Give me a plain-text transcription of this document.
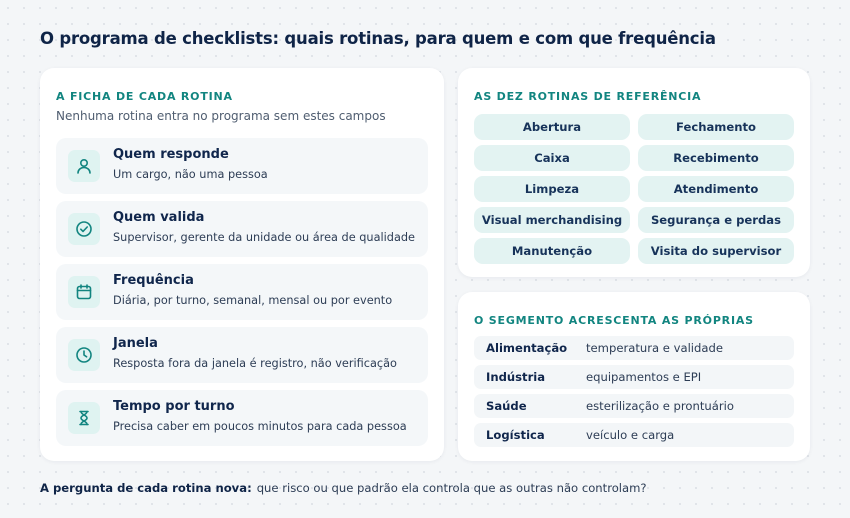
O programa de checklists: quais rotinas, para quem e com que frequência
A FICHA DE CADA ROTINA
Nenhuma rotina entra no programa sem estes campos
Quem responde
Um cargo, não uma pessoa
Quem valida
Supervisor, gerente da unidade ou área de qualidade
Frequência
Diária, por turno, semanal, mensal ou por evento
Janela
Resposta fora da janela é registro, não verificação
Tempo por turno
Precisa caber em poucos minutos para cada pessoa
AS DEZ ROTINAS DE REFERÊNCIA
Abertura	Fechamento
Caixa	Recebimento
Limpeza	Atendimento
Visual merchandising	Segurança e perdas
Manutenção	Visita do supervisor
O SEGMENTO ACRESCENTA AS PRÓPRIAS
Alimentação temperatura e validade
Indústria	equipamentos e EPI
Saúde	esterilização e prontuário
Logística	veículo e carga
A pergunta de cada rotina nova: que risco ou que padrão ela controla que as outras não controlam?
